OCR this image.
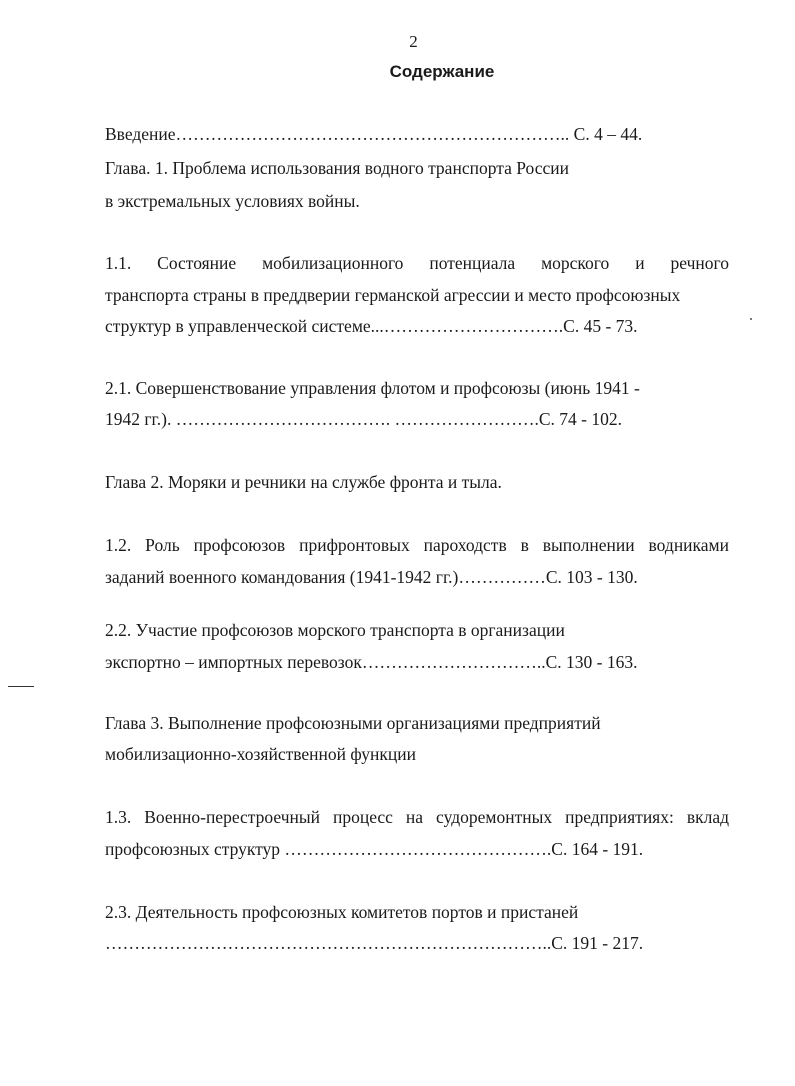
2
Содержание
Введение………………………………………………………….. С. 4 – 44.
Глава. 1. Проблема использования водного транспорта России
в экстремальных условиях войны.
1.1. Состояние мобилизационного потенциала морского и речного
транспорта страны в преддверии германской агрессии и место профсоюзных
структур в управленческой системе...………………………….С. 45 - 73.
2.1. Совершенствование управления флотом и профсоюзы (июнь 1941 -
1942 гг.). ………………………………. …………………….С. 74 - 102.
Глава 2. Моряки и речники на службе фронта и тыла.
1.2. Роль профсоюзов прифронтовых пароходств в выполнении водниками
заданий военного командования (1941-1942 гг.)……………С. 103 - 130.
2.2. Участие профсоюзов морского транспорта в организации
экспортно – импортных перевозок…………………………..С. 130 - 163.
Глава 3. Выполнение профсоюзными организациями предприятий
мобилизационно-хозяйственной функции
1.3. Военно-перестроечный процесс на судоремонтных предприятиях: вклад
профсоюзных структур ……………………………………….С. 164 - 191.
2.3. Деятельность профсоюзных комитетов портов и пристаней
…………………………………………………………………..С. 191 - 217.
